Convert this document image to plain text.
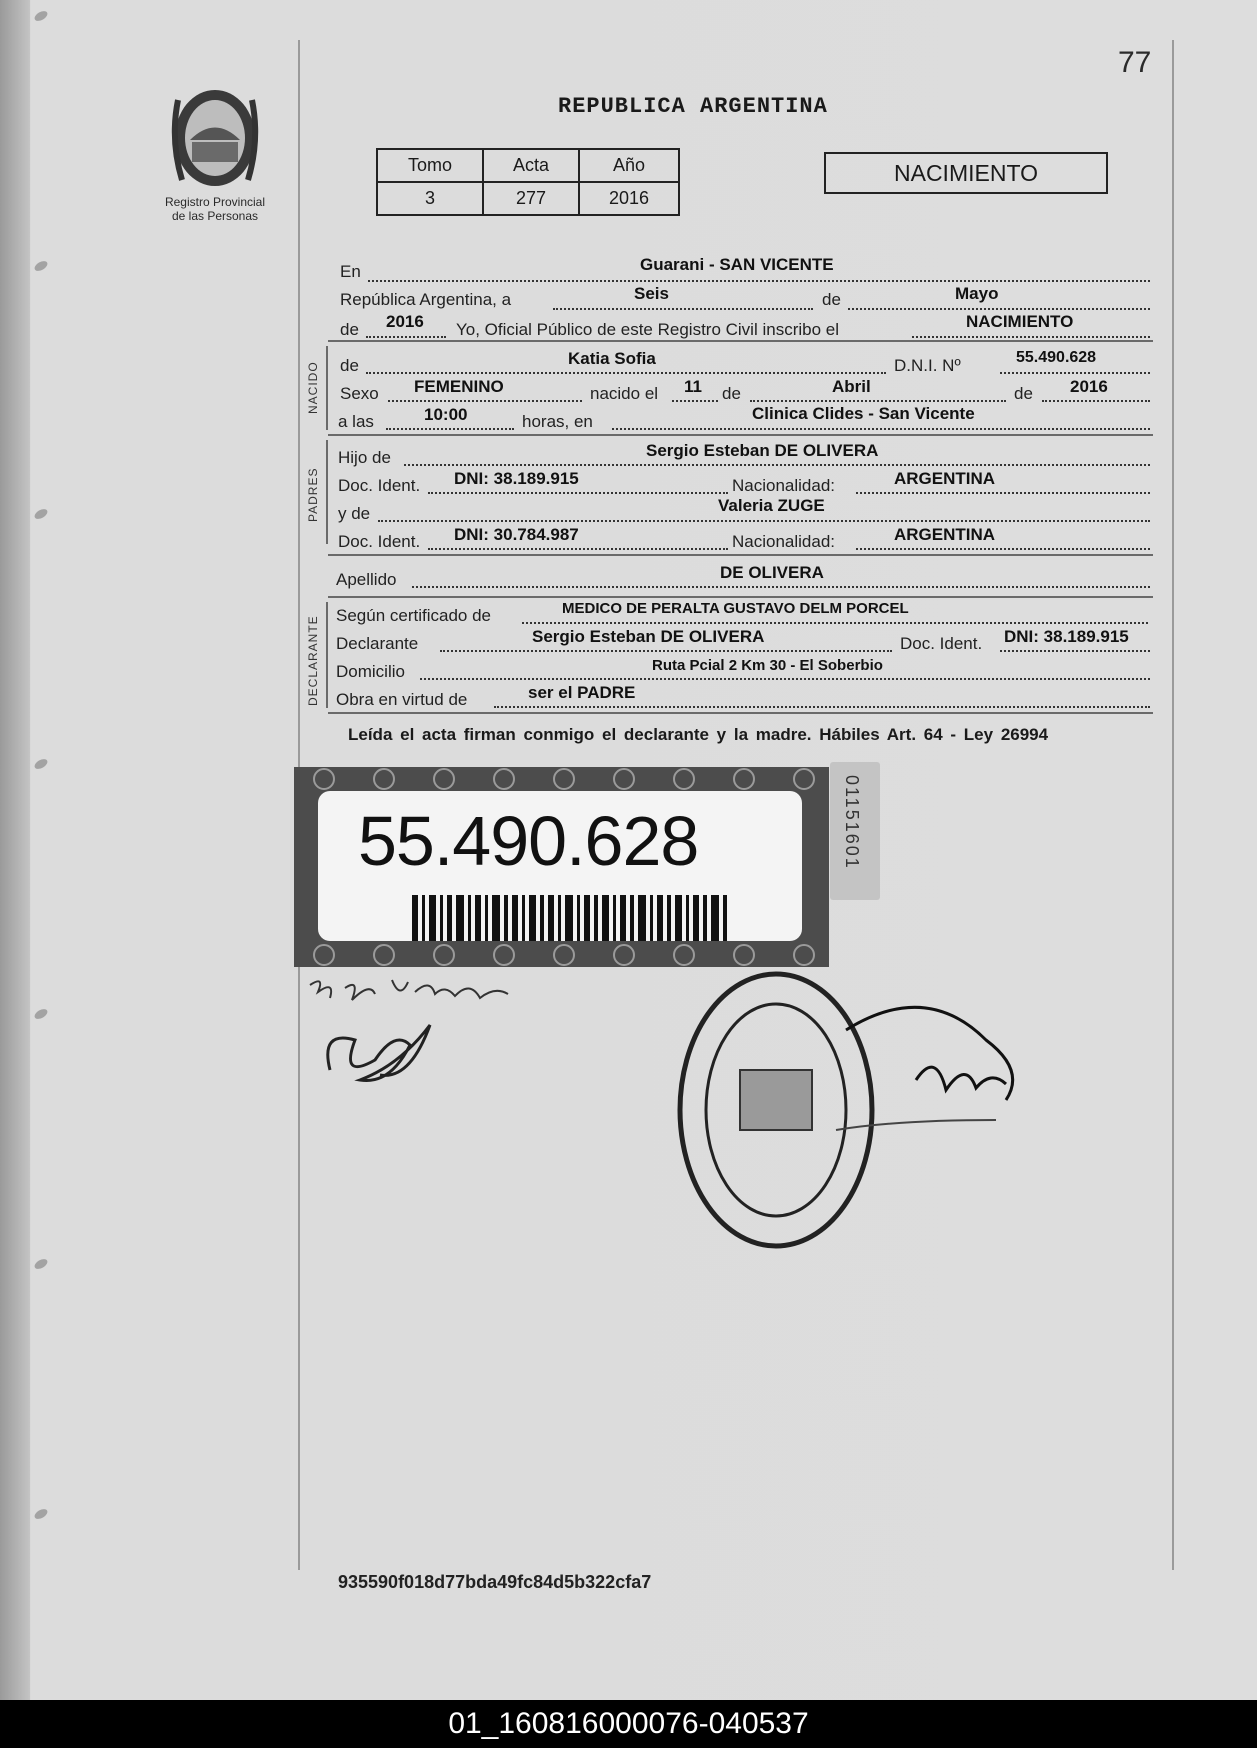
77
REPUBLICA ARGENTINA
Registro Provincial
de las Personas
Tomo	Acta	Año
3	277	2016
NACIMIENTO
En	Guarani - SAN VICENTE
República Argentina, a	Seis	de	Mayo
de 2016 Yo, Oficial Público de este Registro Civil inscribo el	NACIMIENTO
NACIDO de	Katia Sofia	D.N.I. Nº	55.490.628
Sexo FEMENINO	nacido el 11 de	Abril	de 2016
a las	10:00	horas, en	Clinica Clides - San Vicente
PADRES
Hijo de	Sergio Esteban DE OLIVERA
Doc. Ident. DNI: 38.189.915	Nacionalidad:	ARGENTINA
y de	Valeria ZUGE
Doc. Ident. DNI: 30.784.987	Nacionalidad:	ARGENTINA
Apellido	DE OLIVERA
DECLARANTE Según certificado de	MEDICO DE PERALTA GUSTAVO DELM PORCEL
Declarante	Sergio Esteban DE OLIVERA	Doc. Ident. DNI: 38.189.915
Domicilio	Ruta Pcial 2 Km 30 - El Soberbio
Obra en virtud de	ser el PADRE
Leída el acta firman conmigo el declarante y la madre. Hábiles Art. 64 - Ley 26994
55.490.628	01151601
935590f018d77bda49fc84d5b322cfa7
01_160816000076-040537
